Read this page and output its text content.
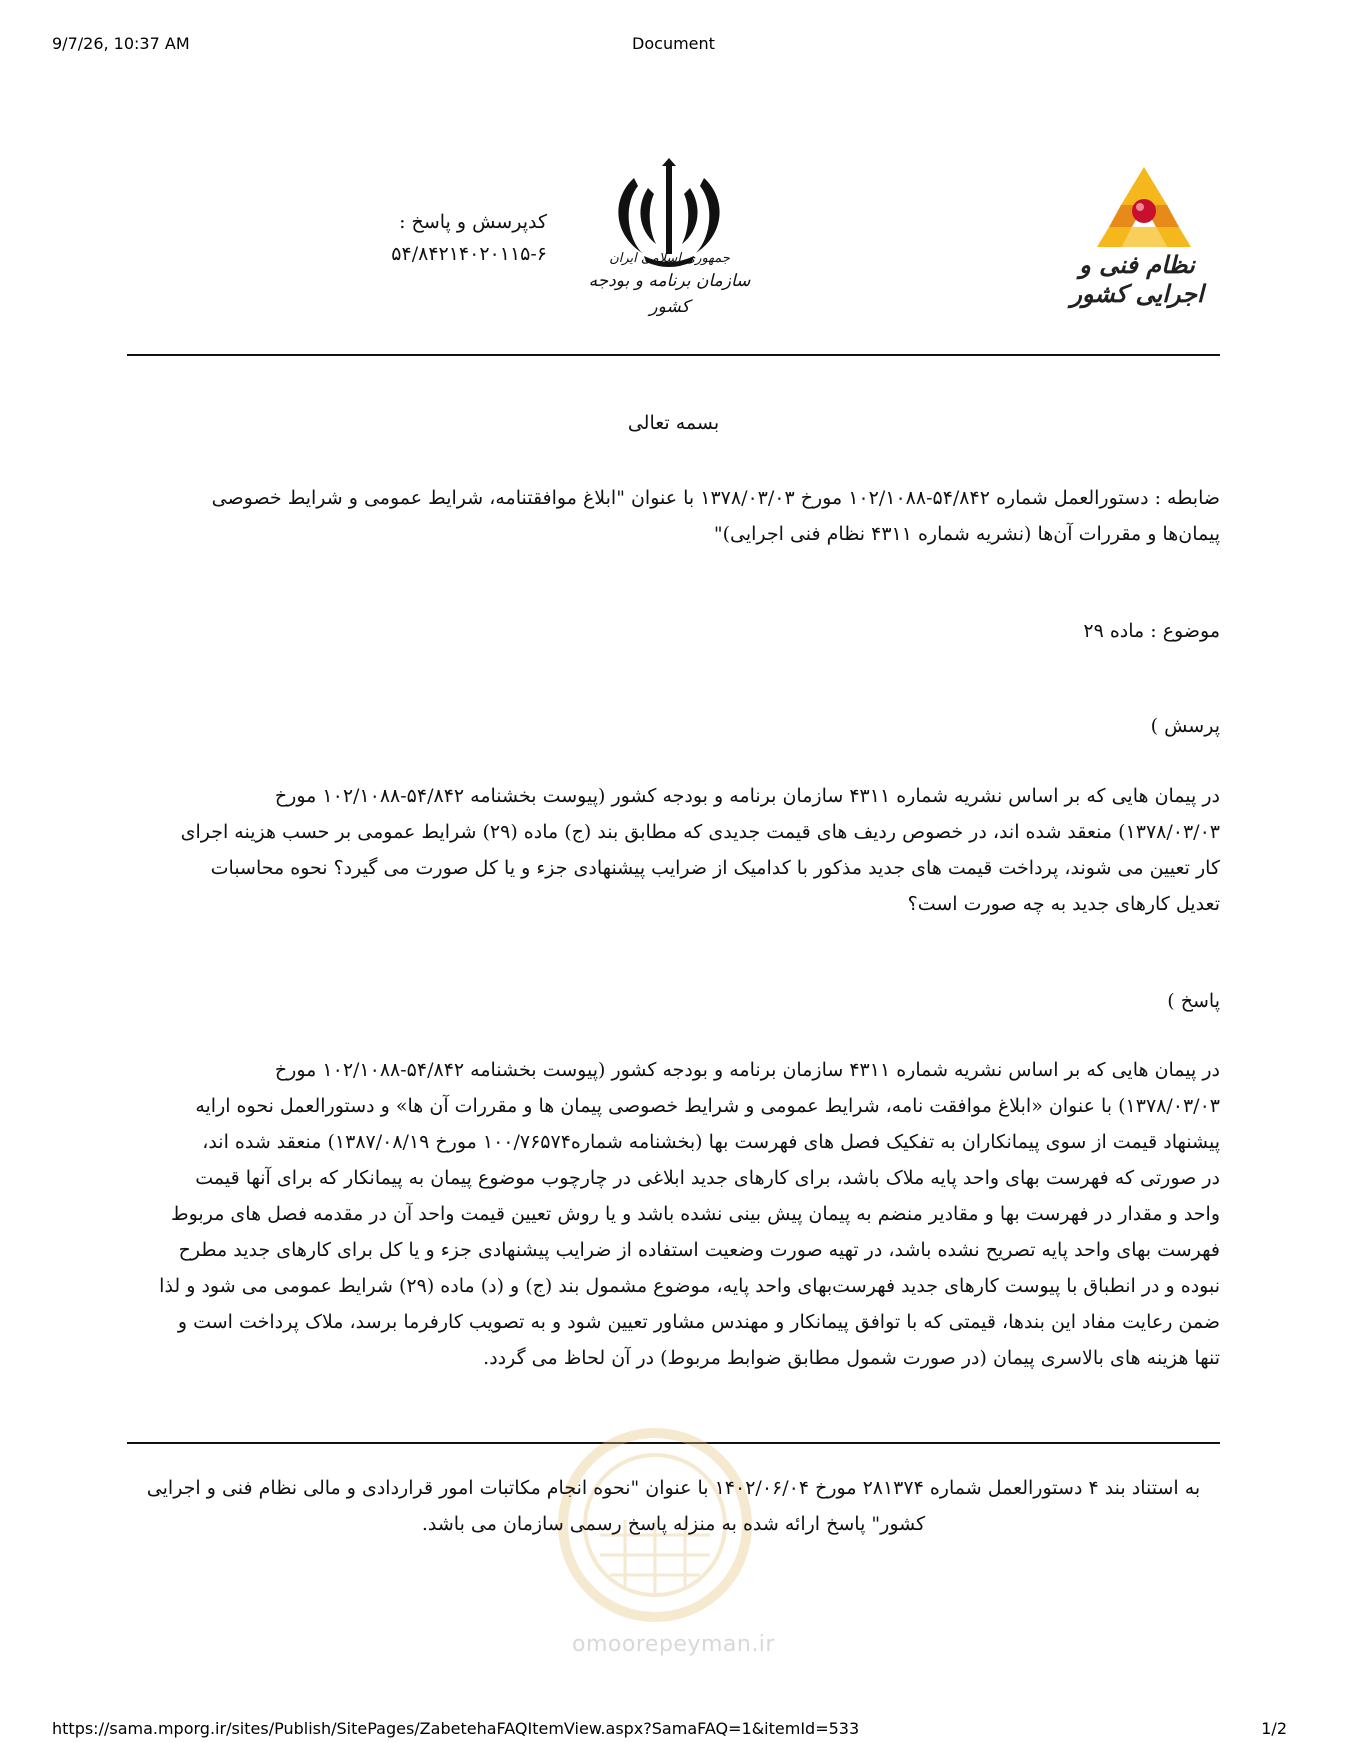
9/7/26, 10:37 AM	Document
کدپرسش و پاسخ :
۵۴/۸۴۲۱۴۰۲۰۱۱۵-۶	جمهوری اسلامی ایران
سازمان برنامه و بودجه کشور
نظام فنی و اجرایی کشور
بسمه تعالی
ضابطه : دستورالعمل شماره ۵۴/۸۴۲-۱۰۲/۱۰۸۸ مورخ ۱۳۷۸/۰۳/۰۳ با عنوان "ابلاغ موافقتنامه، شرایط عمومی و شرایط خصوصی
پیمان‌ها و مقررات آن‌ها (نشریه شماره ۴۳۱۱ نظام فنی اجرایی)"
موضوع : ماده ۲۹
پرسش )
در پیمان هایی که بر اساس نشریه شماره ۴۳۱۱ سازمان برنامه و بودجه کشور (پیوست بخشنامه ۵۴/۸۴۲-۱۰۲/۱۰۸۸ مورخ
۱۳۷۸/۰۳/۰۳) منعقد شده اند، در خصوص ردیف های قیمت جدیدی که مطابق بند (ج) ماده (۲۹) شرایط عمومی بر حسب هزینه اجرای
کار تعیین می شوند، پرداخت قیمت های جدید مذکور با کدامیک از ضرایب پیشنهادی جزء و یا کل صورت می گیرد؟ نحوه محاسبات
تعدیل کارهای جدید به چه صورت است؟
پاسخ )
در پیمان هایی که بر اساس نشریه شماره ۴۳۱۱ سازمان برنامه و بودجه کشور (پیوست بخشنامه ۵۴/۸۴۲-۱۰۲/۱۰۸۸ مورخ
۱۳۷۸/۰۳/۰۳) با عنوان «ابلاغ موافقت نامه، شرایط عمومی و شرایط خصوصی پیمان ها و مقررات آن ها» و دستورالعمل نحوه ارایه
پیشنهاد قیمت از سوی پیمانکاران به تفکیک فصل های فهرست بها (بخشنامه شماره۱۰۰/۷۶۵۷۴ مورخ ۱۳۸۷/۰۸/۱۹) منعقد شده اند،
در صورتی که فهرست بهای واحد پایه ملاک باشد، برای کارهای جدید ابلاغی در چارچوب موضوع پیمان به پیمانکار که برای آنها قیمت
واحد و مقدار در فهرست بها و مقادیر منضم به پیمان پیش بینی نشده باشد و یا روش تعیین قیمت واحد آن در مقدمه فصل های مربوط
فهرست بهای واحد پایه تصریح نشده باشد، در تهیه صورت وضعیت استفاده از ضرایب پیشنهادی جزء و یا کل برای کارهای جدید مطرح
نبوده و در انطباق با پیوست کارهای جدید فهرست‌بهای واحد پایه، موضوع مشمول بند (ج) و (د) ماده (۲۹) شرایط عمومی می شود و لذا
ضمن رعایت مفاد این بندها، قیمتی که با توافق پیمانکار و مهندس مشاور تعیین شود و به تصویب کارفرما برسد، ملاک پرداخت است و
تنها هزینه های بالاسری پیمان (در صورت شمول مطابق ضوابط مربوط) در آن لحاظ می گردد.
به استناد بند ۴ دستورالعمل شماره ۲۸۱۳۷۴ مورخ ۱۴۰۲/۰۶/۰۴ با عنوان "نحوه انجام مکاتبات امور قراردادی و مالی نظام فنی و اجرایی
کشور" پاسخ ارائه شده به منزله پاسخ رسمی سازمان می باشد.
omoorepeyman.ir
https://sama.mporg.ir/sites/Publish/SitePages/ZabetehaFAQItemView.aspx?SamaFAQ=1&itemId=533	1/2
